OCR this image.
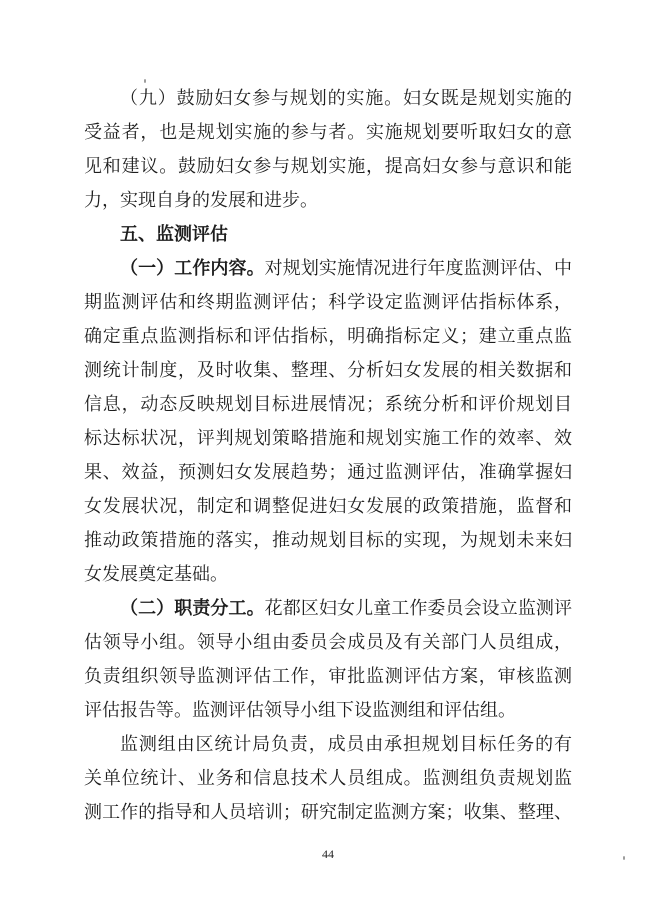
（九）鼓励妇女参与规划的实施。妇女既是规划实施的
受益者，也是规划实施的参与者。实施规划要听取妇女的意
见和建议。鼓励妇女参与规划实施，提高妇女参与意识和能
力，实现自身的发展和进步。
五、监测评估
（一）工作内容。对规划实施情况进行年度监测评估、中
期监测评估和终期监测评估；科学设定监测评估指标体系，
确定重点监测指标和评估指标，明确指标定义；建立重点监
测统计制度，及时收集、整理、分析妇女发展的相关数据和
信息，动态反映规划目标进展情况；系统分析和评价规划目
标达标状况，评判规划策略措施和规划实施工作的效率、效
果、效益，预测妇女发展趋势；通过监测评估，准确掌握妇
女发展状况，制定和调整促进妇女发展的政策措施，监督和
推动政策措施的落实，推动规划目标的实现，为规划未来妇
女发展奠定基础。
（二）职责分工。花都区妇女儿童工作委员会设立监测评
估领导小组。领导小组由委员会成员及有关部门人员组成，
负责组织领导监测评估工作，审批监测评估方案，审核监测
评估报告等。监测评估领导小组下设监测组和评估组。
监测组由区统计局负责，成员由承担规划目标任务的有
关单位统计、业务和信息技术人员组成。监测组负责规划监
测工作的指导和人员培训；研究制定监测方案；收集、整理、
44
